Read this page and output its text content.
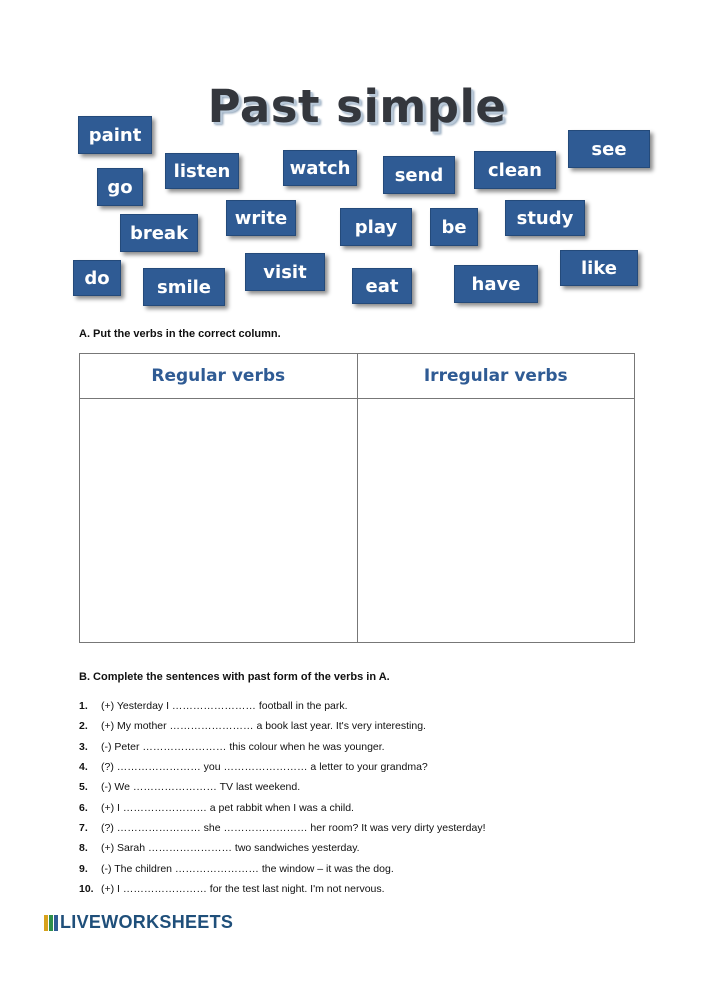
Past simple
paint
go
listen	watch	send	clean
see
break
write	play	be	study
do	smile
visit
eat	have
like
A. Put the verbs in the correct column.
Regular verbs	Irregular verbs

B. Complete the sentences with past form of the verbs in A.
1.	(+) Yesterday I …………………… football in the park.
2.	(+) My mother …………………… a book last year. It's very interesting.
3.	(-) Peter …………………… this colour when he was younger.
4.	(?) …………………… you …………………… a letter to your grandma?
5.	(-) We …………………… TV last weekend.
6.	(+) I …………………… a pet rabbit when I was a child.
7.	(?) …………………… she …………………… her room? It was very dirty yesterday!
8.	(+) Sarah …………………… two sandwiches yesterday.
9.	(-) The children …………………… the window – it was the dog.
10. (+) I …………………… for the test last night. I'm not nervous.
LIVEWORKSHEETS
